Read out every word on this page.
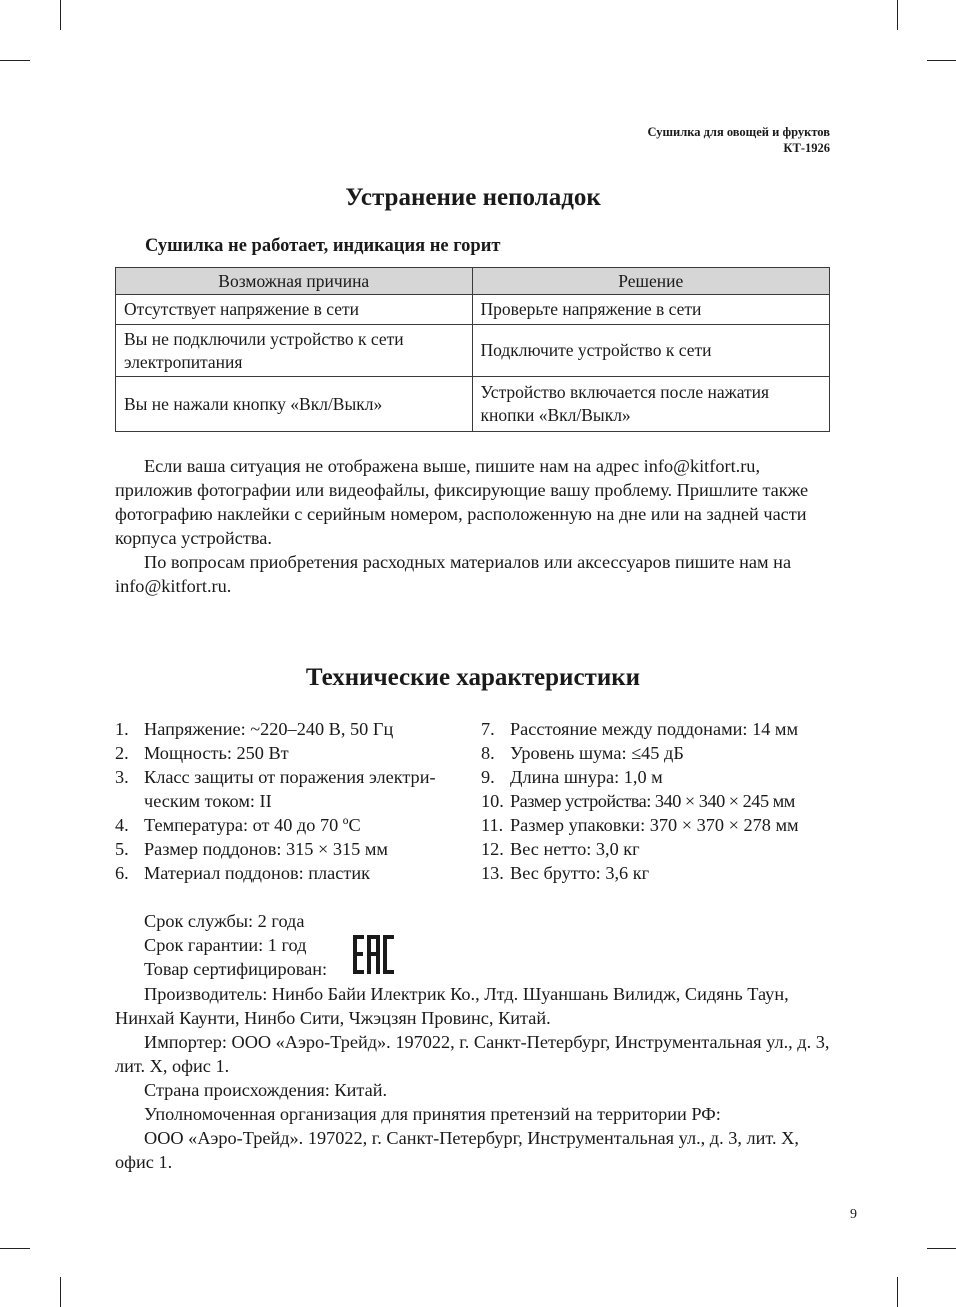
Сушилка для овощей и фруктов
КТ-1926
Устранение неполадок
Сушилка не работает, индикация не горит
Возможная причина	Решение
Отсутствует напряжение в сети	Проверьте напряжение в сети
Вы не подключили устройство к сети электропитания	Подключите устройство к сети
Вы не нажали кнопку «Вкл/Выкл»	Устройство включается после нажатия кнопки «Вкл/Выкл»

Если ваша ситуация не отображена выше, пишите нам на адрес info@kitfort.ru, приложив фотографии или видеофайлы, фиксирующие вашу проблему. Пришлите также фотографию наклейки с серийным номером, расположенную на дне или на задней части корпуса устройства.

По вопросам приобретения расходных материалов или аксессуаров пишите нам на info@kitfort.ru.

Технические характеристики
1. Напряжение: ~220–240 В, 50 Гц
2. Мощность: 250 Вт
3. Класс защиты от поражения электри-ческим током: II
4. Температура: от 40 до 70 ºС
5. Размер поддонов: 315 × 315 мм
6. Материал поддонов: пластик
7. Расстояние между поддонами: 14 мм
8. Уровень шума: ≤45 дБ
9. Длина шнура: 1,0 м
10. Размер устройства: 340 × 340 × 245 мм
11. Размер упаковки: 370 × 370 × 278 мм
12. Вес нетто: 3,0 кг
13. Вес брутто: 3,6 кг

Срок службы: 2 года

Срок гарантии: 1 год

Товар сертифицирован:

Производитель: Нинбо Байи Илектрик Ко., Лтд. Шуаншань Вилидж, Сидянь Таун, Нинхай Каунти, Нинбо Сити, Чжэцзян Провинс, Китай.

Импортер: ООО «Аэро-Трейд». 197022, г. Санкт-Петербург, Инструментальная ул., д. 3, лит. Х, офис 1.

Страна происхождения: Китай.

Уполномоченная организация для принятия претензий на территории РФ:

ООО «Аэро-Трейд». 197022, г. Санкт-Петербург, Инструментальная ул., д. 3, лит. Х, офис 1.

9
